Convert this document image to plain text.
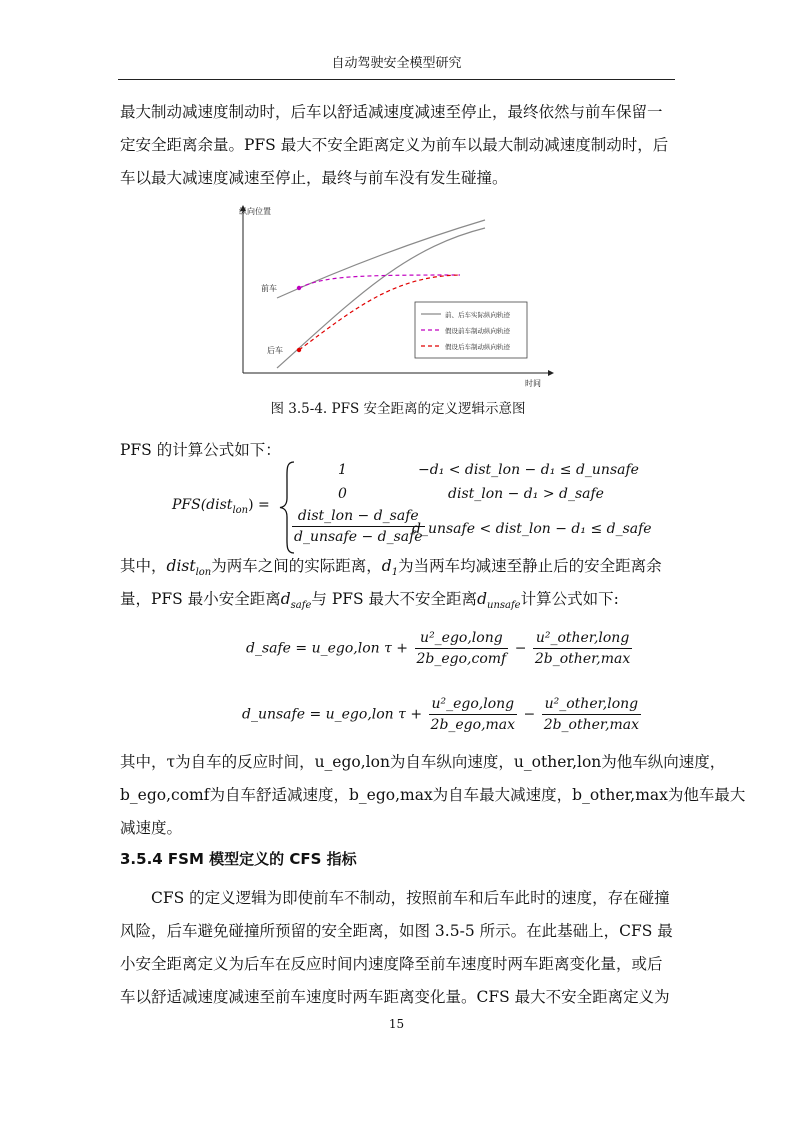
自动驾驶安全模型研究
最大制动减速度制动时，后车以舒适减速度减速至停止，最终依然与前车保留一
定安全距离余量。PFS 最大不安全距离定义为前车以最大制动减速度制动时，后
车以最大减速度减速至停止，最终与前车没有发生碰撞。
纵向位置
时间
前车
后车
前、后车实际纵向轨迹
假设前车制动纵向轨迹
假设后车制动纵向轨迹
图 3.5-4. PFS 安全距离的定义逻辑示意图
PFS 的计算公式如下：
PFS(dist$_{lon}$) =
1	−d₁ < dist_lon − d₁ ≤ d_unsafe
0	dist_lon − d₁ > d_safe
$\frac{\text{dist\_lon − d\_safe}}{\text{d\_unsafe − d\_safe}}$
d_unsafe < dist_lon − d₁ ≤ d_safe
其中，dist$_{lon}$为两车之间的实际距离，$d_1$为当两车均减速至静止后的安全距离余
量，PFS 最小安全距离$d_{safe}$与 PFS 最大不安全距离$d_{unsafe}$计算公式如下:
d_safe = u_ego,lon $\tau + \frac{\text{u²\_ego,long}}{\text{2b\_ego,comf}} - \frac{\text{u²\_other,long}}{\text{2b\_other,max}}$
d_unsafe = u_ego,lon $\tau + \frac{\text{u²\_ego,long}}{\text{2b\_ego,max}} - \frac{\text{u²\_other,long}}{\text{2b\_other,max}}$
其中，τ为自车的反应时间，u_ego,lon为自车纵向速度，u_other,lon为他车纵向速度，
b_ego,comf为自车舒适减速度，b_ego,max为自车最大减速度，b_other,max为他车最大
减速度。
3.5.4 FSM 模型定义的 CFS 指标
　　CFS 的定义逻辑为即使前车不制动，按照前车和后车此时的速度，存在碰撞
风险，后车避免碰撞所预留的安全距离，如图 3.5-5 所示。在此基础上，CFS 最
小安全距离定义为后车在反应时间内速度降至前车速度时两车距离变化量，或后
车以舒适减速度减速至前车速度时两车距离变化量。CFS 最大不安全距离定义为
15
